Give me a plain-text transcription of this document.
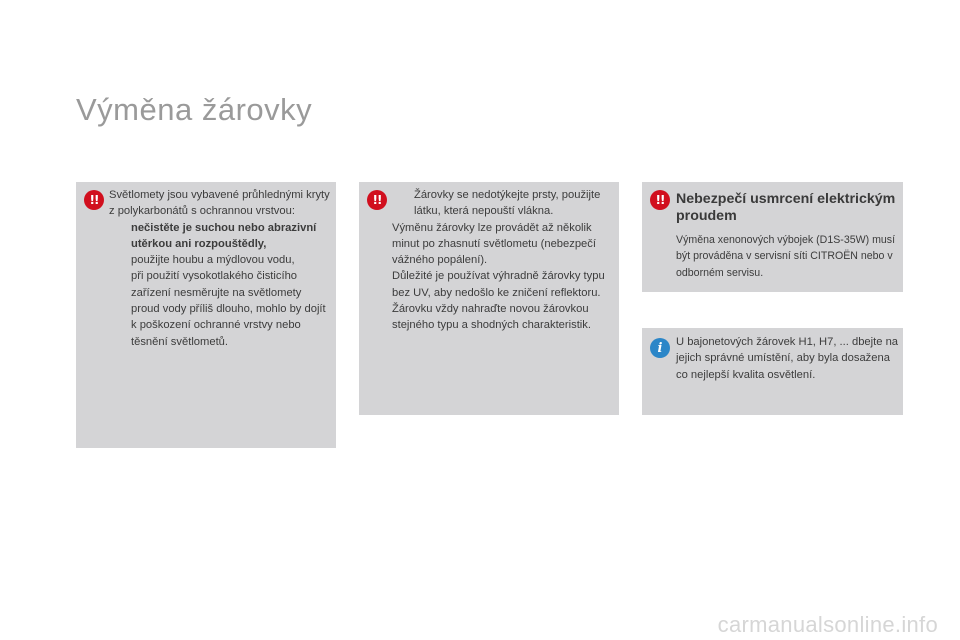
Výměna žárovky
!! Světlomety jsou vybavené průhlednými kryty z polykarbonátů s ochrannou vrstvou:

nečistěte je suchou nebo abrazivní utěrkou ani rozpouštědly,
použijte houbu a mýdlovou vodu,
při použití vysokotlakého čisticího zařízení nesměrujte na světlomety proud vody příliš dlouho, mohlo by dojít k poškození ochranné vrstvy nebo těsnění světlometů.
!!	Žárovky se nedotýkejte prsty, použijte látku, která nepouští vlákna.

Výměnu žárovky lze provádět až několik minut po zhasnutí světlometu (nebezpečí vážného popálení).

Důležité je používat výhradně žárovky typu bez UV, aby nedošlo ke zničení reflektoru.

Žárovku vždy nahraďte novou žárovkou stejného typu a shodných charakteristik.

!! Nebezpečí usmrcení elektrickým proudem

Výměna xenonových výbojek (D1S-35W) musí být prováděna v servisní síti CITROËN nebo v odborném servisu.

i	U bajonetových žárovek H1, H7, ... dbejte na jejich správné umístění, aby byla dosažena co nejlepší kvalita osvětlení.

carmanualsonline.info
